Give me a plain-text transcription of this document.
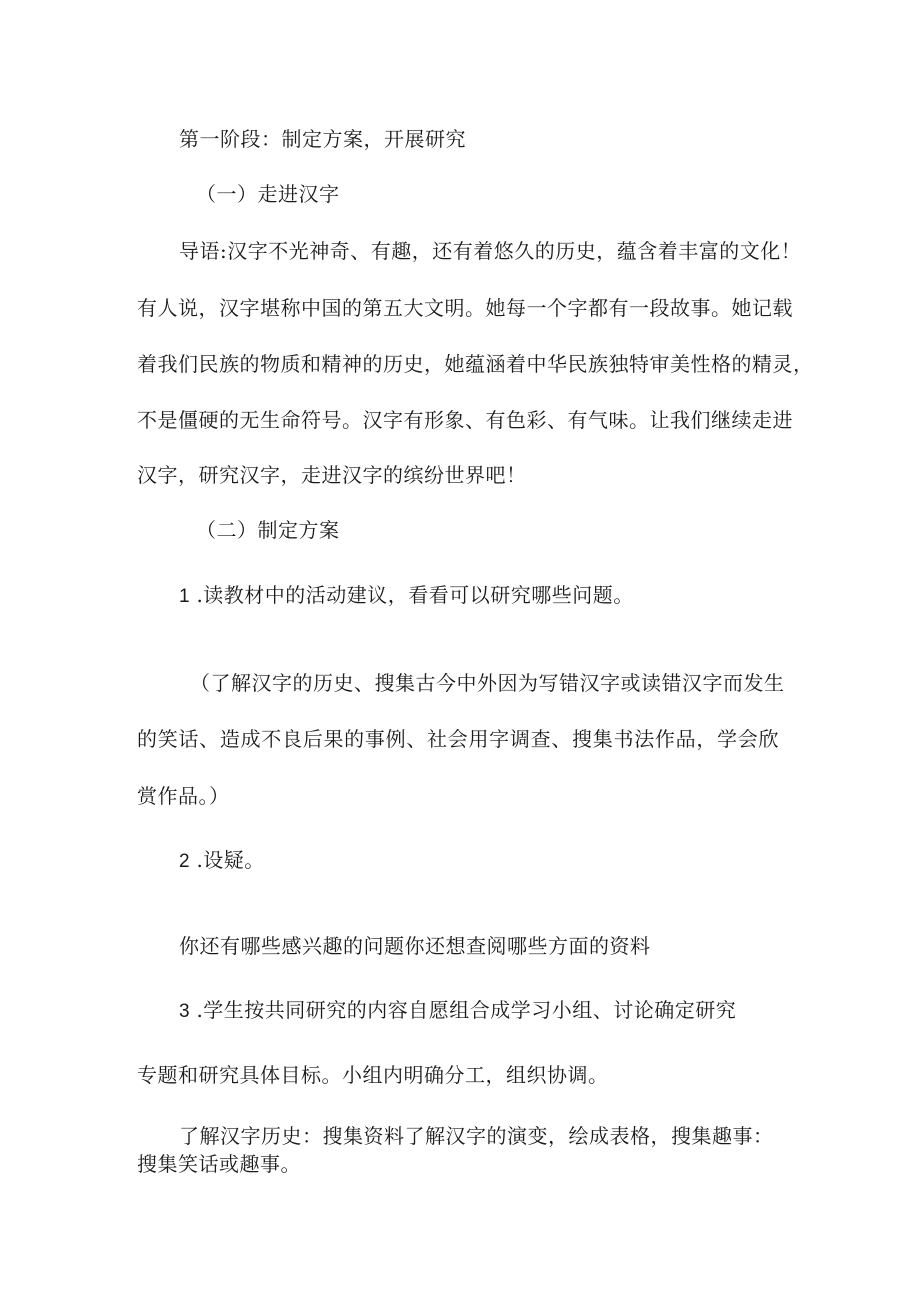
第一阶段：制定方案，开展研究
（一）走进汉字
导语:汉字不光神奇、有趣，还有着悠久的历史，蕴含着丰富的文化！
有人说，汉字堪称中国的第五大文明。她每一个字都有一段故事。她记载
着我们民族的物质和精神的历史，她蕴涵着中华民族独特审美性格的精灵，
不是僵硬的无生命符号。汉字有形象、有色彩、有气味。让我们继续走进
汉字，研究汉字，走进汉字的缤纷世界吧！
（二）制定方案
1 .读教材中的活动建议，看看可以研究哪些问题。
（了解汉字的历史、搜集古今中外因为写错汉字或读错汉字而发生
的笑话、造成不良后果的事例、社会用字调查、搜集书法作品，学会欣
赏作品。）
2 .设疑。
你还有哪些感兴趣的问题你还想查阅哪些方面的资料
3 .学生按共同研究的内容自愿组合成学习小组、讨论确定研究
专题和研究具体目标。小组内明确分工，组织协调。
了解汉字历史：搜集资料了解汉字的演变，绘成表格，搜集趣事：
搜集笑话或趣事。
